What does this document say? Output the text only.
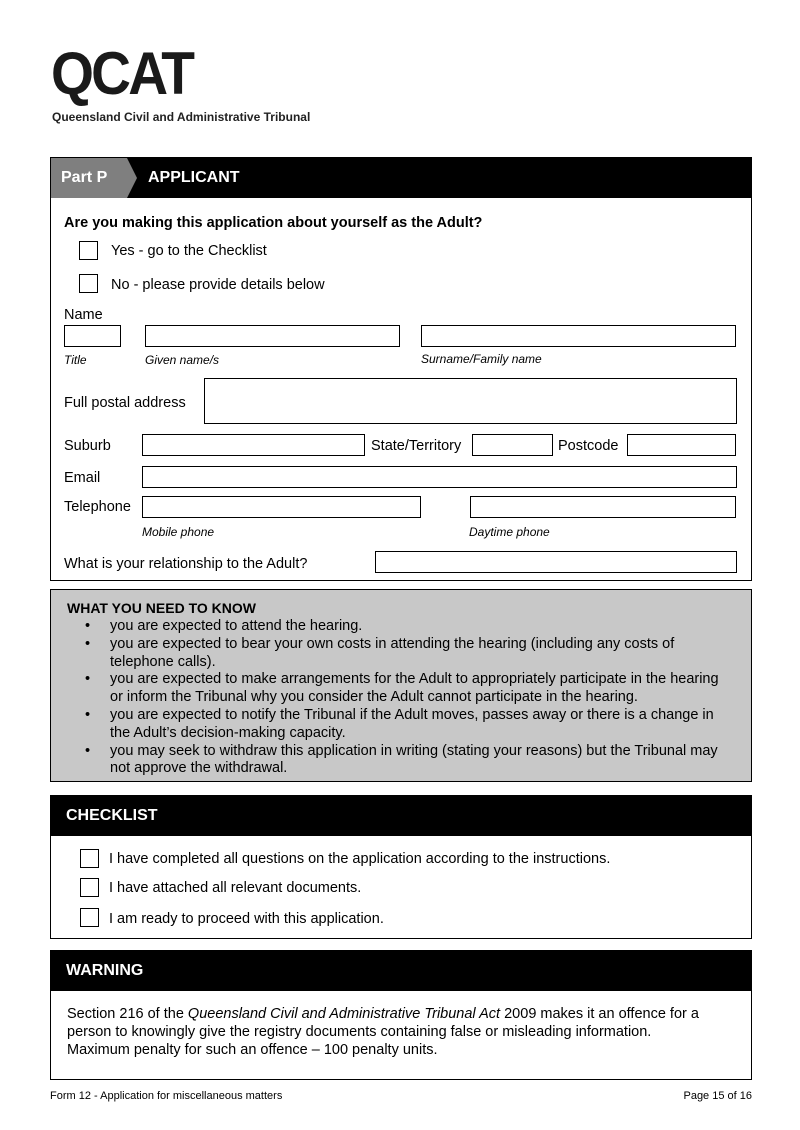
QCAT
Queensland Civil and Administrative Tribunal
Part P	APPLICANT
Are you making this application about yourself as the Adult?
Yes - go to the Checklist
No - please provide details below
Name
Title	Given name/s	Surname/Family name
Full postal address
Suburb	State/Territory	Postcode
Email
Telephone
Mobile phone	Daytime phone
What is your relationship to the Adult?
WHAT YOU NEED TO KNOW
• you are expected to attend the hearing.
• you are expected to bear your own costs in attending the hearing (including any costs of telephone calls).
• you are expected to make arrangements for the Adult to appropriately participate in the hearing or inform the Tribunal why you consider the Adult cannot participate in the hearing.
• you are expected to notify the Tribunal if the Adult moves, passes away or there is a change in the Adult’s decision-making capacity.
• you may seek to withdraw this application in writing (stating your reasons) but the Tribunal may not approve the withdrawal.
CHECKLIST
I have completed all questions on the application according to the instructions.
I have attached all relevant documents.
I am ready to proceed with this application.
WARNING
Section 216 of the Queensland Civil and Administrative Tribunal Act 2009 makes it an offence for a person to knowingly give the registry documents containing false or misleading information.
Maximum penalty for such an offence – 100 penalty units.
Form 12 - Application for miscellaneous matters	Page 15 of 16
